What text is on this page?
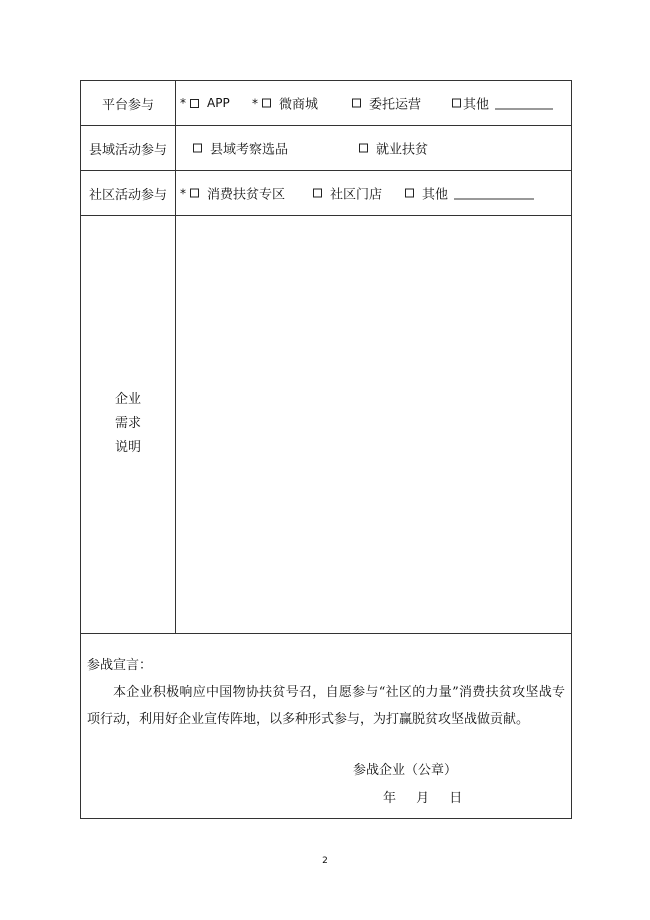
平台参与	* APP * 微商城	委托运营	其他
县域活动参与	县域考察选品	就业扶贫
社区活动参与	* 消费扶贫专区	社区门店	其他
企业
需求
说明
参战宣言：
本企业积极响应中国物协扶贫号召，自愿参与“社区的力量”消费扶贫攻坚战专项行动，利用好企业宣传阵地，以多种形式参与，为打赢脱贫攻坚战做贡献。
参战企业（公章）
年 月 日
2
